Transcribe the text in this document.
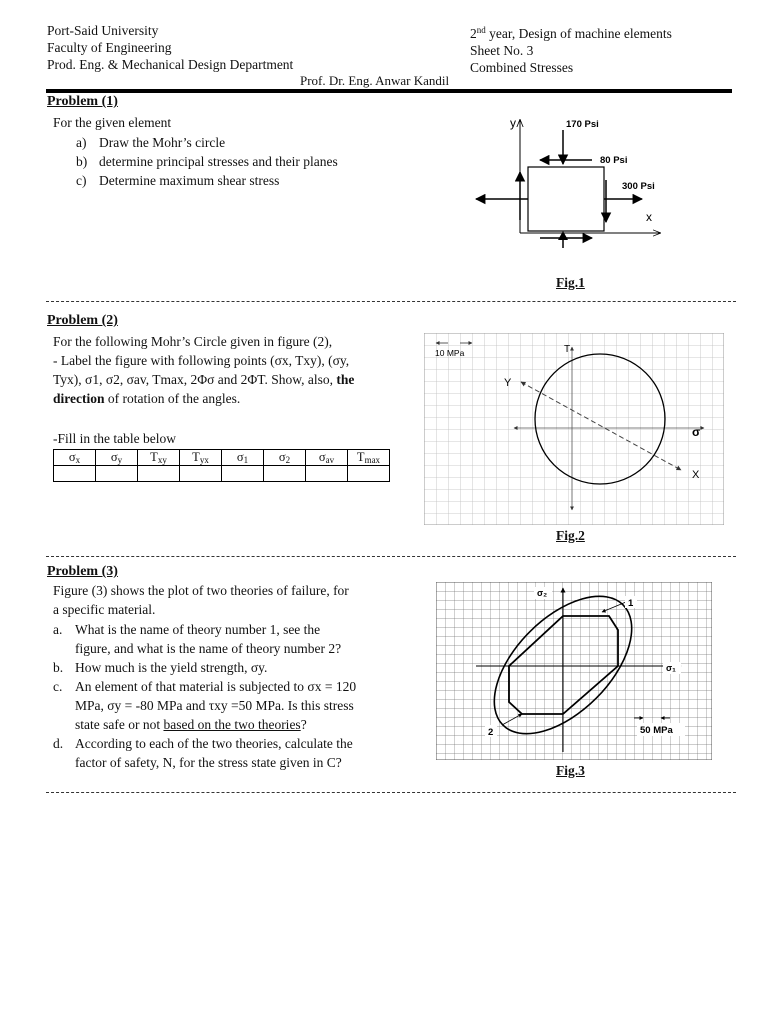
Port-Said University
Faculty of Engineering
Prod. Eng. & Mechanical Design Department
2nd year, Design of machine elements
Sheet No. 3
Combined Stresses
Prof. Dr. Eng. Anwar Kandil
Problem (1)
For the given element
a) Draw the Mohr’s circle
b) determine principal stresses and their planes
c) Determine maximum shear stress
y
x
170 Psi
80 Psi
300 Psi
Fig.1
Problem (2)
For the following Mohr’s Circle given in figure (2),
- Label the figure with following points (σx, Txy), (σy,
Tyx), σ1, σ2, σav, Tmax, 2Φσ and 2ΦT. Show, also, the
direction of rotation of the angles.
-Fill in the table below
$\sigma_x$	$\sigma_y$	$T_{xy}$	$T_{yx}$	$\sigma_1$	$\sigma_2$	$\sigma_{av}$	$T_{max}$

10 MPa	T
σ
Y
X
Fig.2
Problem (3)
Figure (3) shows the plot of two theories of failure, for
a specific material.
a. What is the name of theory number 1, see the
figure, and what is the name of theory number 2?
b. How much is the yield strength, σy.
c. An element of that material is subjected to σx = 120
MPa, σy = -80 MPa and τxy =50 MPa. Is this stress
state safe or not based on the two theories?
d. According to each of the two theories, calculate the
factor of safety, N, for the stress state given in C?
σ₂
σ₁
1
2	50 MPa
Fig.3
